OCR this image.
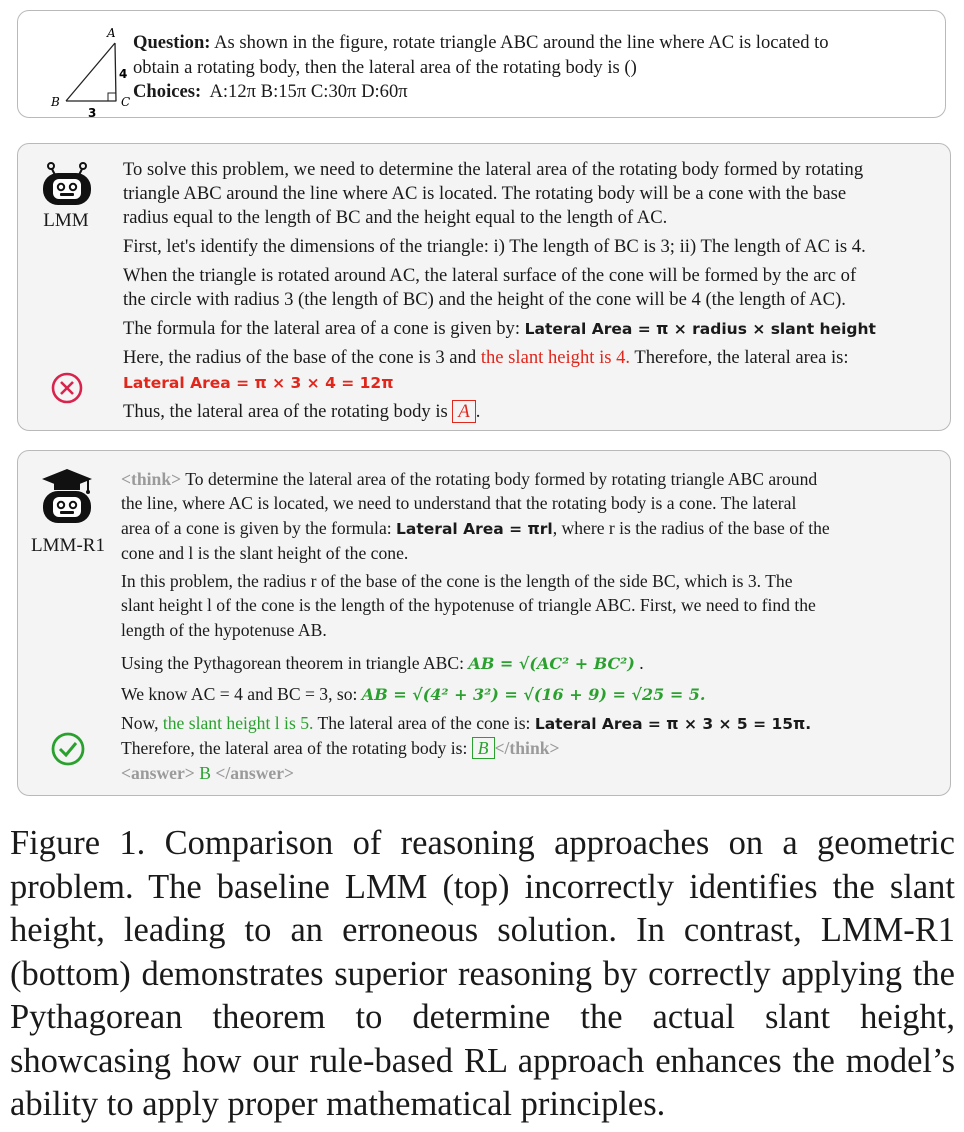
A
B	C
4
3
Question: As shown in the figure, rotate triangle ABC around the line where AC is located to
obtain a rotating body, then the lateral area of the rotating body is ()
Choices: A:12π B:15π C:30π D:60π
LMM
To solve this problem, we need to determine the lateral area of the rotating body formed by rotating
triangle ABC around the line where AC is located. The rotating body will be a cone with the base
radius equal to the length of BC and the height equal to the length of AC.
First, let's identify the dimensions of the triangle: i) The length of BC is 3; ii) The length of AC is 4.
When the triangle is rotated around AC, the lateral surface of the cone will be formed by the arc of
the circle with radius 3 (the length of BC) and the height of the cone will be 4 (the length of AC).
The formula for the lateral area of a cone is given by: Lateral Area = π × radius × slant height
Here, the radius of the base of the cone is 3 and the slant height is 4. Therefore, the lateral area is:
Lateral Area = π × 3 × 4 = 12π
Thus, the lateral area of the rotating body is A .
LMM-R1
<think> To determine the lateral area of the rotating body formed by rotating triangle ABC around
the line, where AC is located, we need to understand that the rotating body is a cone. The lateral
area of a cone is given by the formula: Lateral Area = πrl, where r is the radius of the base of the
cone and l is the slant height of the cone.
In this problem, the radius r of the base of the cone is the length of the side BC, which is 3. The
slant height l of the cone is the length of the hypotenuse of triangle ABC. First, we need to find the
length of the hypotenuse AB.
Using the Pythagorean theorem in triangle ABC: AB = √(AC² + BC²) .
We know AC = 4 and BC = 3, so: AB = √(4² + 3²) = √(16 + 9) = √25 = 5.
Now, the slant height l is 5. The lateral area of the cone is: Lateral Area = π × 3 × 5 = 15π.
Therefore, the lateral area of the rotating body is: B </think>
<answer> B </answer>
Figure 1. Comparison of reasoning approaches on a geometric problem. The baseline LMM (top) incorrectly identifies the slant height, leading to an erroneous solution. In contrast, LMM-R1 (bottom) demonstrates superior reasoning by correctly applying the Pythagorean theorem to determine the actual slant height, showcasing how our rule-based RL approach enhances the model’s ability to apply proper mathematical principles.
